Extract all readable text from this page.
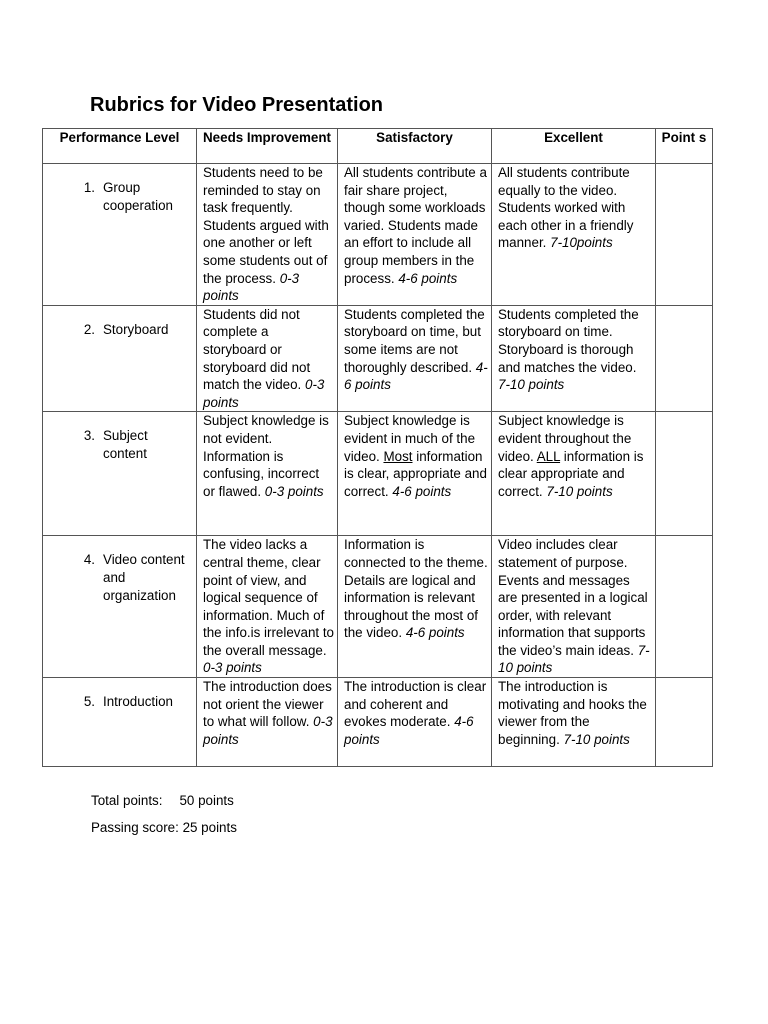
Rubrics for Video Presentation
Performance Level	Needs Improvement	Satisfactory	Excellent	Point s

1. Group cooperation	Students need to be reminded to stay on task frequently. Students argued with one another or left some students out of the process. 0-3 points	All students contribute a fair share project, though some workloads varied. Students made an effort to include all group members in the process. 4-6 points	All students contribute equally to the video. Students worked with each other in a friendly manner. 7-10points	

2. Storyboard	Students did not complete a storyboard or storyboard did not match the video. 0-3 points	Students completed the storyboard on time, but some items are not thoroughly described. 4-6 points	Students completed the storyboard on time. Storyboard is thorough and matches the video. 7-10 points	

3. Subject content	Subject knowledge is not evident. Information is confusing, incorrect or flawed. 0-3 points	Subject knowledge is evident in much of the video. Most information is clear, appropriate and correct. 4-6 points	Subject knowledge is evident throughout the video. ALL information is clear appropriate and correct. 7-10 points	

4. Video content and organization	The video lacks a central theme, clear point of view, and logical sequence of information. Much of the info.is irrelevant to the overall message. 0-3 points	Information is connected to the theme. Details are logical and information is relevant throughout the most of the video. 4-6 points	Video includes clear statement of purpose. Events and messages are presented in a logical order, with relevant information that supports the video’s main ideas. 7-10 points	

5. Introduction	The introduction does not orient the viewer to what will follow. 0-3 points	The introduction is clear and coherent and evokes moderate. 4-6 points	The introduction is motivating and hooks the viewer from the beginning. 7-10 points	
Total points: 50 points
Passing score: 25 points
